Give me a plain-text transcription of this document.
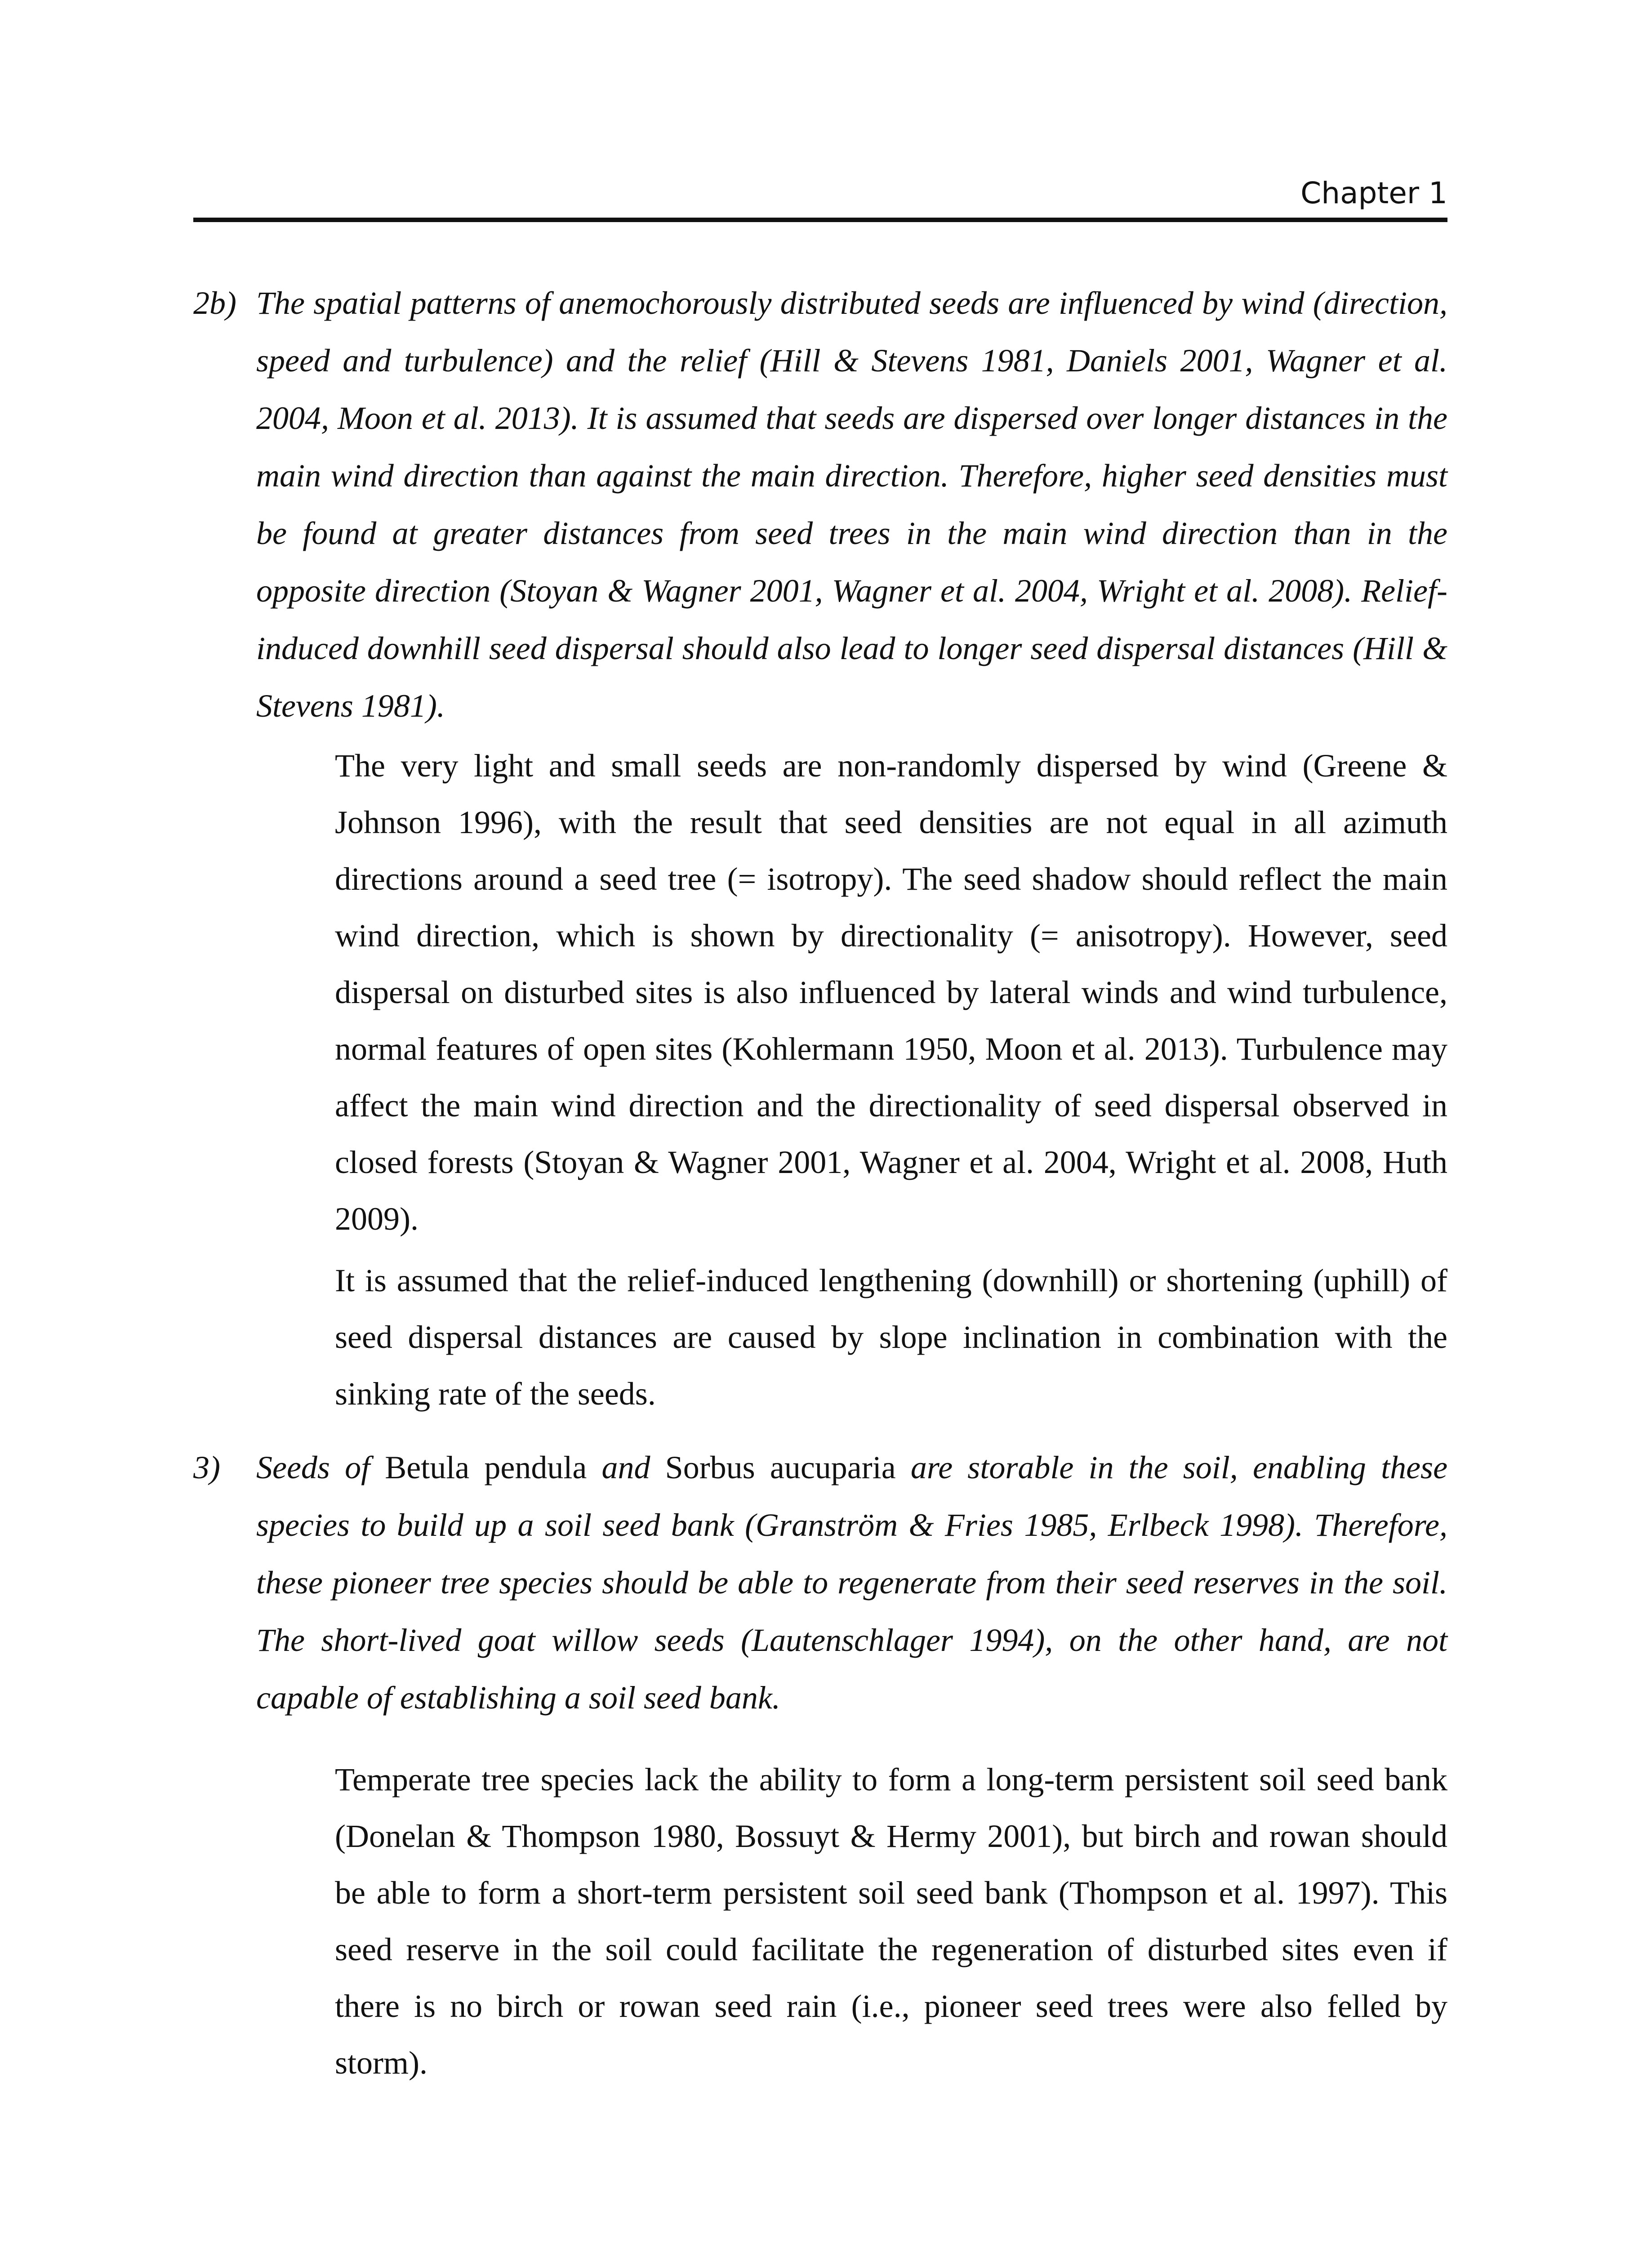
Chapter 1
2b) The spatial patterns of anemochorously distributed seeds are influenced by wind (direction, speed and turbulence) and the relief (Hill & Stevens 1981, Daniels 2001, Wagner et al. 2004, Moon et al. 2013). It is assumed that seeds are dispersed over longer distances in the main wind direction than against the main direction. Therefore, higher seed densities must be found at greater distances from seed trees in the main wind direction than in the opposite direction (Stoyan & Wagner 2001, Wagner et al. 2004, Wright et al. 2008). Relief-induced downhill seed dispersal should also lead to longer seed dispersal distances (Hill & Stevens 1981).
The very light and small seeds are non-randomly dispersed by wind (Greene & Johnson 1996), with the result that seed densities are not equal in all azimuth directions around a seed tree (= isotropy). The seed shadow should reflect the main wind direction, which is shown by directionality (= anisotropy). However, seed dispersal on disturbed sites is also influenced by lateral winds and wind turbulence, normal features of open sites (Kohlermann 1950, Moon et al. 2013). Turbulence may affect the main wind direction and the directionality of seed dispersal observed in closed forests (Stoyan & Wagner 2001, Wagner et al. 2004, Wright et al. 2008, Huth 2009).
It is assumed that the relief-induced lengthening (downhill) or shortening (uphill) of seed dispersal distances are caused by slope inclination in combination with the sinking rate of the seeds.
3) Seeds of Betula pendula and Sorbus aucuparia are storable in the soil, enabling these species to build up a soil seed bank (Granström & Fries 1985, Erlbeck 1998). Therefore, these pioneer tree species should be able to regenerate from their seed reserves in the soil. The short-lived goat willow seeds (Lautenschlager 1994), on the other hand, are not capable of establishing a soil seed bank.
Temperate tree species lack the ability to form a long-term persistent soil seed bank (Donelan & Thompson 1980, Bossuyt & Hermy 2001), but birch and rowan should be able to form a short-term persistent soil seed bank (Thompson et al. 1997). This seed reserve in the soil could facilitate the regeneration of disturbed sites even if there is no birch or rowan seed rain (i.e., pioneer seed trees were also felled by storm).
